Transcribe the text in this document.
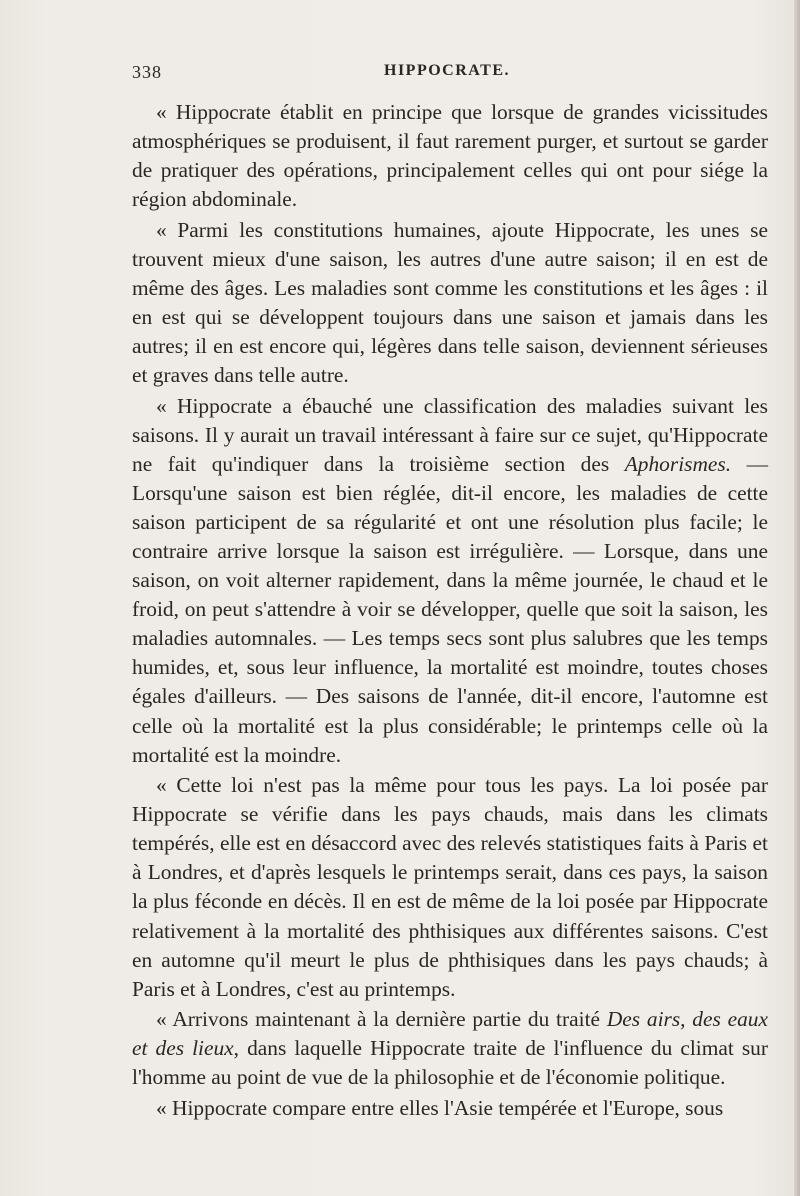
338	HIPPOCRATE.

« Hippocrate établit en principe que lorsque de grandes vicissitudes atmosphériques se produisent, il faut rarement purger, et surtout se garder de pratiquer des opérations, principalement celles qui ont pour siége la région abdominale.

« Parmi les constitutions humaines, ajoute Hippocrate, les unes se trouvent mieux d'une saison, les autres d'une autre saison; il en est de même des âges. Les maladies sont comme les constitutions et les âges : il en est qui se développent toujours dans une saison et jamais dans les autres; il en est encore qui, légères dans telle saison, deviennent sérieuses et graves dans telle autre.

« Hippocrate a ébauché une classification des maladies suivant les saisons. Il y aurait un travail intéressant à faire sur ce sujet, qu'Hippocrate ne fait qu'indiquer dans la troisième section des Aphorismes. — Lorsqu'une saison est bien réglée, dit-il encore, les maladies de cette saison participent de sa régularité et ont une résolution plus facile; le contraire arrive lorsque la saison est irrégulière. — Lorsque, dans une saison, on voit alterner rapidement, dans la même journée, le chaud et le froid, on peut s'attendre à voir se développer, quelle que soit la saison, les maladies automnales. — Les temps secs sont plus salubres que les temps humides, et, sous leur influence, la mortalité est moindre, toutes choses égales d'ailleurs. — Des saisons de l'année, dit-il encore, l'automne est celle où la mortalité est la plus considérable; le printemps celle où la mortalité est la moindre.

« Cette loi n'est pas la même pour tous les pays. La loi posée par Hippocrate se vérifie dans les pays chauds, mais dans les climats tempérés, elle est en désaccord avec des relevés statistiques faits à Paris et à Londres, et d'après lesquels le printemps serait, dans ces pays, la saison la plus féconde en décès. Il en est de même de la loi posée par Hippocrate relativement à la mortalité des phthisiques aux différentes saisons. C'est en automne qu'il meurt le plus de phthisiques dans les pays chauds; à Paris et à Londres, c'est au printemps.

« Arrivons maintenant à la dernière partie du traité Des airs, des eaux et des lieux, dans laquelle Hippocrate traite de l'influence du climat sur l'homme au point de vue de la philosophie et de l'économie politique.

« Hippocrate compare entre elles l'Asie tempérée et l'Europe, sous
